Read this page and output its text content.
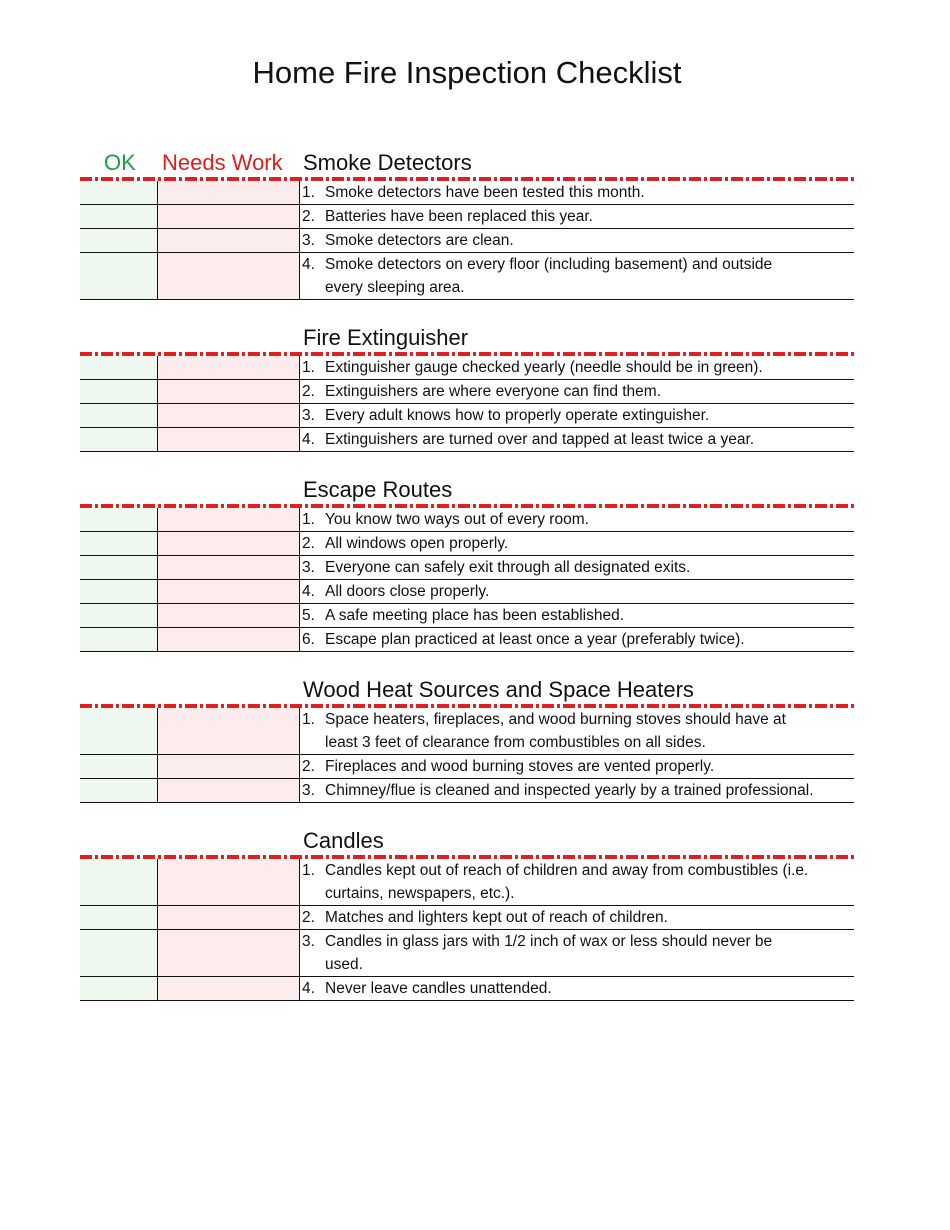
Home Fire Inspection Checklist
OK Needs Work Smoke Detectors
1. Smoke detectors have been tested this month.
2. Batteries have been replaced this year.
3. Smoke detectors are clean.
4. Smoke detectors on every floor (including basement) and outside every sleeping area.
Fire Extinguisher
1. Extinguisher gauge checked yearly (needle should be in green).
2. Extinguishers are where everyone can find them.
3. Every adult knows how to properly operate extinguisher.
4. Extinguishers are turned over and tapped at least twice a year.
Escape Routes
1. You know two ways out of every room.
2. All windows open properly.
3. Everyone can safely exit through all designated exits.
4. All doors close properly.
5. A safe meeting place has been established.
6. Escape plan practiced at least once a year (preferably twice).
Wood Heat Sources and Space Heaters
1. Space heaters, fireplaces, and wood burning stoves should have at least 3 feet of clearance from combustibles on all sides.
2. Fireplaces and wood burning stoves are vented properly.
3. Chimney/flue is cleaned and inspected yearly by a trained professional.
Candles
1. Candles kept out of reach of children and away from combustibles (i.e. curtains, newspapers, etc.).
2. Matches and lighters kept out of reach of children.
3. Candles in glass jars with 1/2 inch of wax or less should never be used.
4. Never leave candles unattended.
